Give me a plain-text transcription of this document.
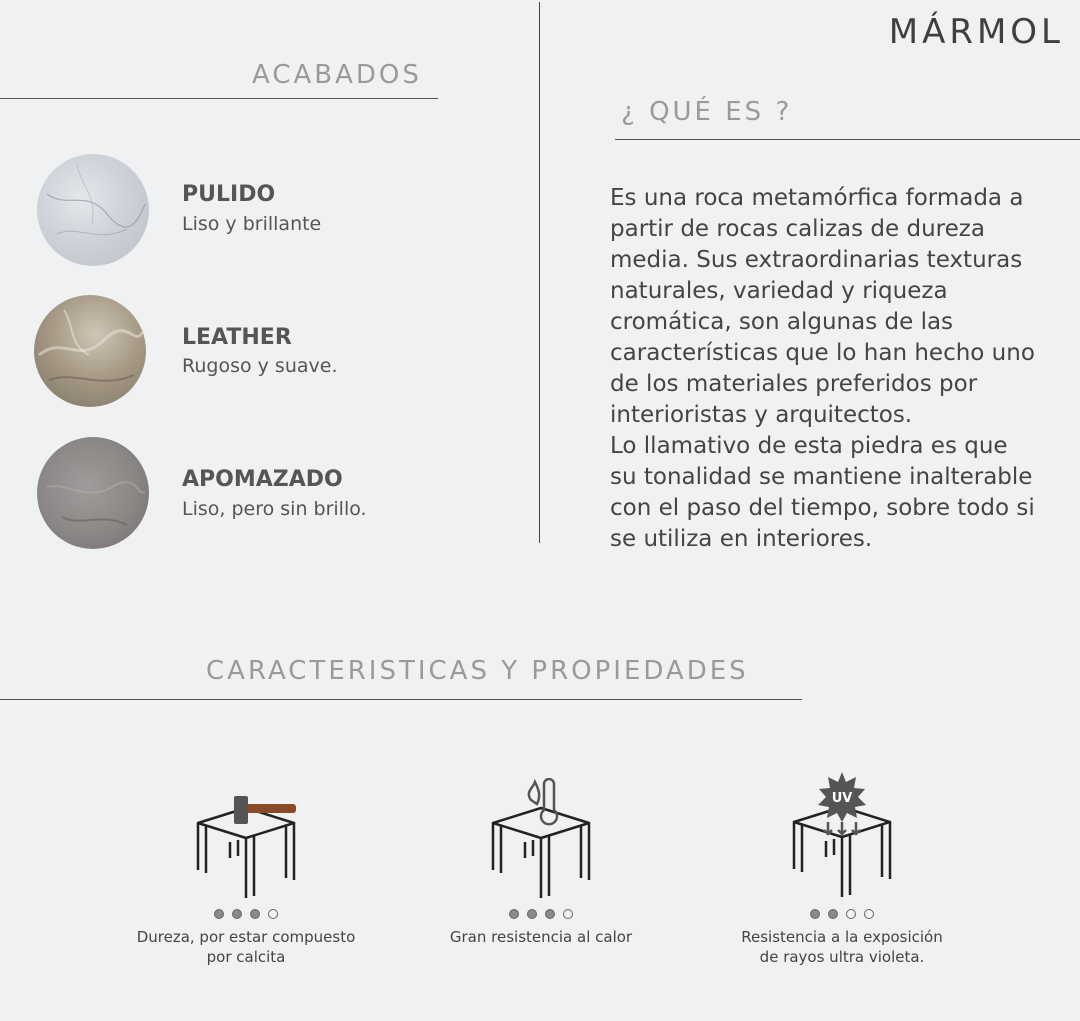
MÁRMOL
ACABADOS

PULIDO

Liso y brillante

LEATHER

Rugoso y suave.

APOMAZADO

Liso, pero sin brillo.

¿ QUÉ ES ?

Es una roca metamórfica formada a partir de rocas calizas de dureza media. Sus extraordinarias texturas naturales, variedad y riqueza cromática, son algunas de las características que lo han hecho uno de los materiales preferidos por interioristas y arquitectos.

Lo llamativo de esta piedra es que su tonalidad se mantiene inalterable con el paso del tiempo, sobre todo si se utiliza en interiores.

CARACTERISTICAS Y PROPIEDADES

Dureza, por estar compuesto
por calcita

Gran resistencia al calor

UV

Resistencia a la exposición
de rayos ultra violeta.
